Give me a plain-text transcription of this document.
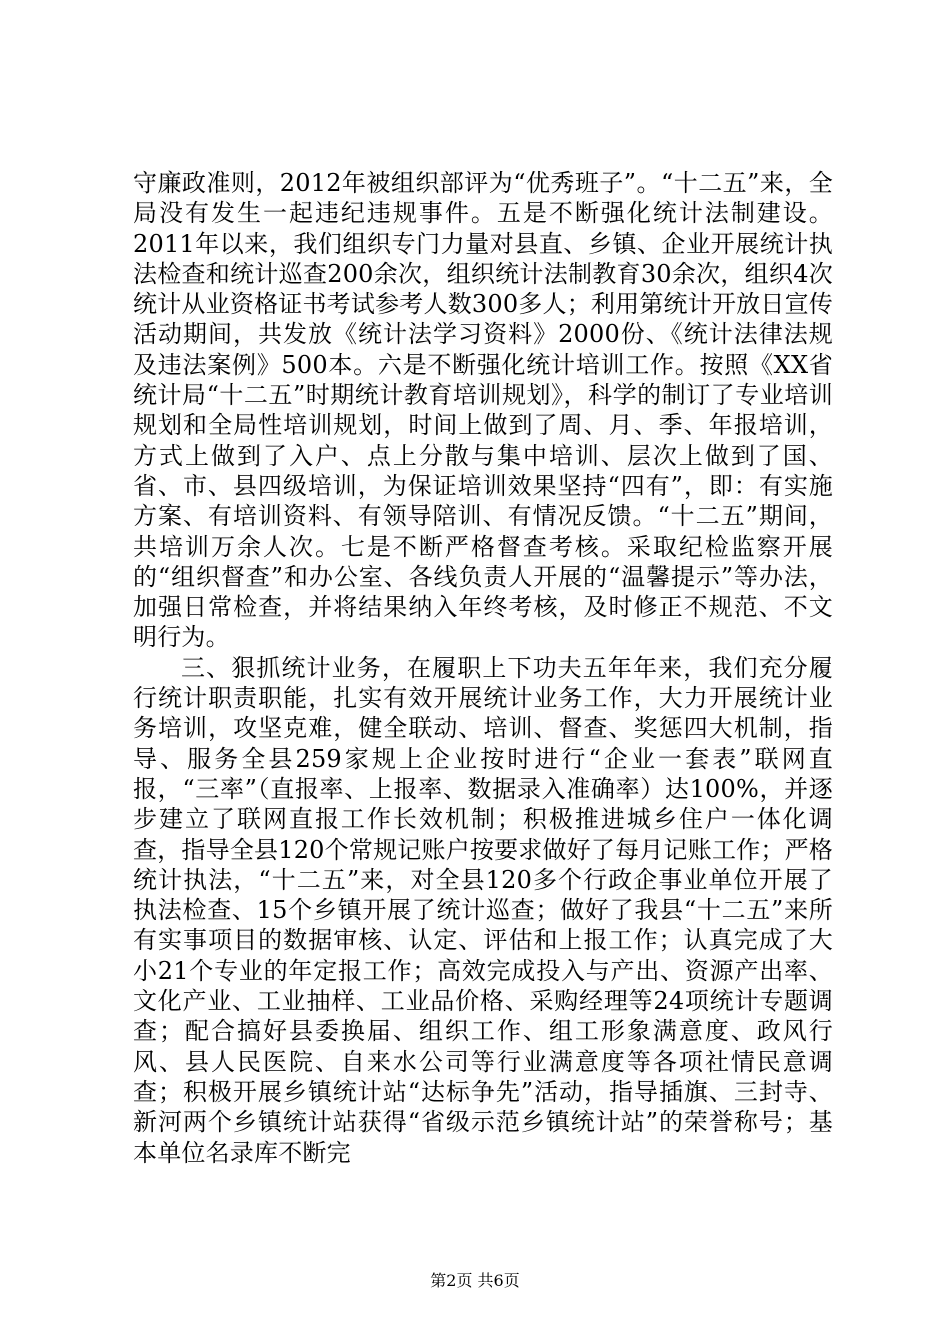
守廉政准则，2012年被组织部评为“优秀班子”。“十二五”来，全局没有发生一起违纪违规事件。五是不断强化统计法制建设。2011年以来，我们组织专门力量对县直、乡镇、企业开展统计执法检查和统计巡查200余次，组织统计法制教育30余次，组织4次统计从业资格证书考试参考人数300多人；利用第统计开放日宣传活动期间，共发放《统计法学习资料》2000份、《统计法律法规及违法案例》500本。六是不断强化统计培训工作。按照《XX省统计局“十二五”时期统计教育培训规划》，科学的制订了专业培训规划和全局性培训规划，时间上做到了周、月、季、年报培训，方式上做到了入户、点上分散与集中培训、层次上做到了国、省、市、县四级培训，为保证培训效果坚持“四有”，即：有实施方案、有培训资料、有领导陪训、有情况反馈。“十二五”期间，共培训万余人次。七是不断严格督查考核。采取纪检监察开展的“组织督查”和办公室、各线负责人开展的“温馨提示”等办法，加强日常检查，并将结果纳入年终考核，及时修正不规范、不文明行为。

三、狠抓统计业务，在履职上下功夫五年年来，我们充分履行统计职责职能，扎实有效开展统计业务工作，大力开展统计业务培训，攻坚克难，健全联动、培训、督查、奖惩四大机制，指导、服务全县259家规上企业按时进行“企业一套表”联网直报，“三率”（直报率、上报率、数据录入准确率）达100%，并逐步建立了联网直报工作长效机制；积极推进城乡住户一体化调查，指导全县120个常规记账户按要求做好了每月记账工作；严格统计执法，“十二五”来，对全县120多个行政企事业单位开展了执法检查、15个乡镇开展了统计巡查；做好了我县“十二五”来所有实事项目的数据审核、认定、评估和上报工作；认真完成了大小21个专业的年定报工作；高效完成投入与产出、资源产出率、文化产业、工业抽样、工业品价格、采购经理等24项统计专题调查；配合搞好县委换届、组织工作、组工形象满意度、政风行风、县人民医院、自来水公司等行业满意度等各项社情民意调查；积极开展乡镇统计站“达标争先”活动，指导插旗、三封寺、新河两个乡镇统计站获得“省级示范乡镇统计站”的荣誉称号；基本单位名录库不断完

第2页 共6页
